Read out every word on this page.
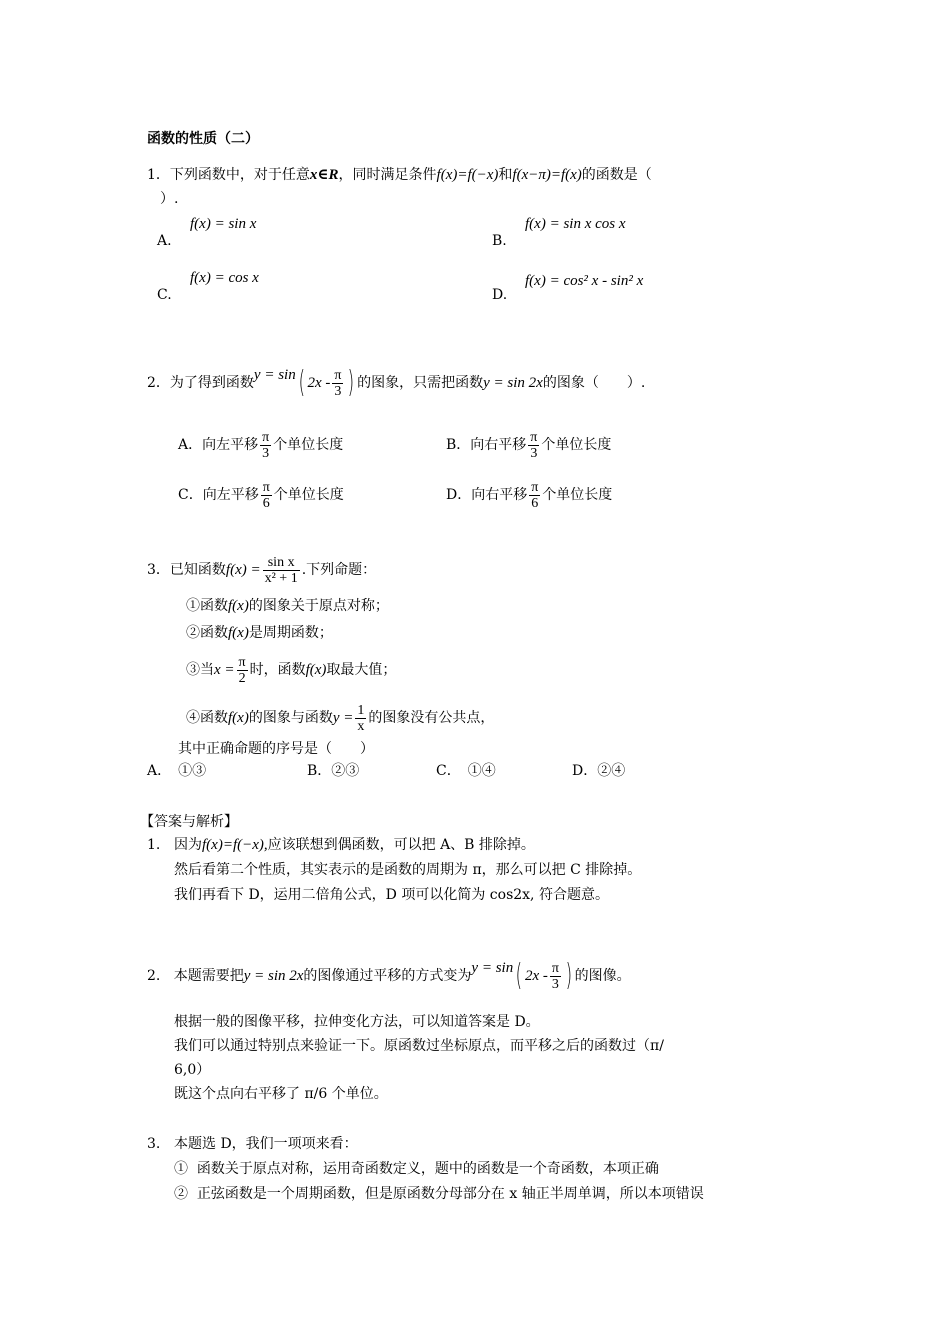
函数的性质（二）
1．下列函数中，对于任意x∈R，同时满足条件f(x)=f(−x)和f(x−π)=f(x)的函数是（
）.
A.
f(x) = sin x
B.
f(x) = sin x cos x
C.
f(x) = cos x
D.
f(x) = cos² x - sin² x
2．为了得到函数y = sin( $2x - \frac{\pi}{3}$ ) 的图象，只需把函数y = sin 2x的图象（　　）.
A．向左平移 $\frac{\pi}{3}$ 个单位长度	B．向右平移 $\frac{\pi}{3}$ 个单位长度
C．向左平移 $\frac{\pi}{6}$ 个单位长度	D．向右平移 $\frac{\pi}{6}$ 个单位长度
3．已知函数$f(x) = \frac{\text{sin x}}{\text{x² + 1}}$ .下列命题：
①函数f(x)的图象关于原点对称；
②函数f(x)是周期函数；
③当$x = \frac{\pi}{2}$ 时，函数f(x)取最大值；
④函数f(x)的图象与函数$y = \frac{1}{x}$ 的图象没有公共点，
其中正确命题的序号是（　　）
A．　①③	B．②③	C．　①④	D．②④
【答案与解析】
1. 因为f(x)=f(−x),应该联想到偶函数，可以把 A、B 排除掉。
然后看第二个性质，其实表示的是函数的周期为 π，那么可以把 C 排除掉。
我们再看下 D，运用二倍角公式，D 项可以化简为 cos2x, 符合题意。
2. 本题需要把y = sin 2x的图像通过平移的方式变为y = sin( $2x - \frac{\pi}{3}$ ) 的图像。
根据一般的图像平移，拉伸变化方法，可以知道答案是 D。
我们可以通过特别点来验证一下。原函数过坐标原点，而平移之后的函数过（π/
6,0）
既这个点向右平移了 π/6 个单位。
3. 本题选 D，我们一项项来看：
① 函数关于原点对称，运用奇函数定义，题中的函数是一个奇函数，本项正确
② 正弦函数是一个周期函数，但是原函数分母部分在 x 轴正半周单调，所以本项错误
